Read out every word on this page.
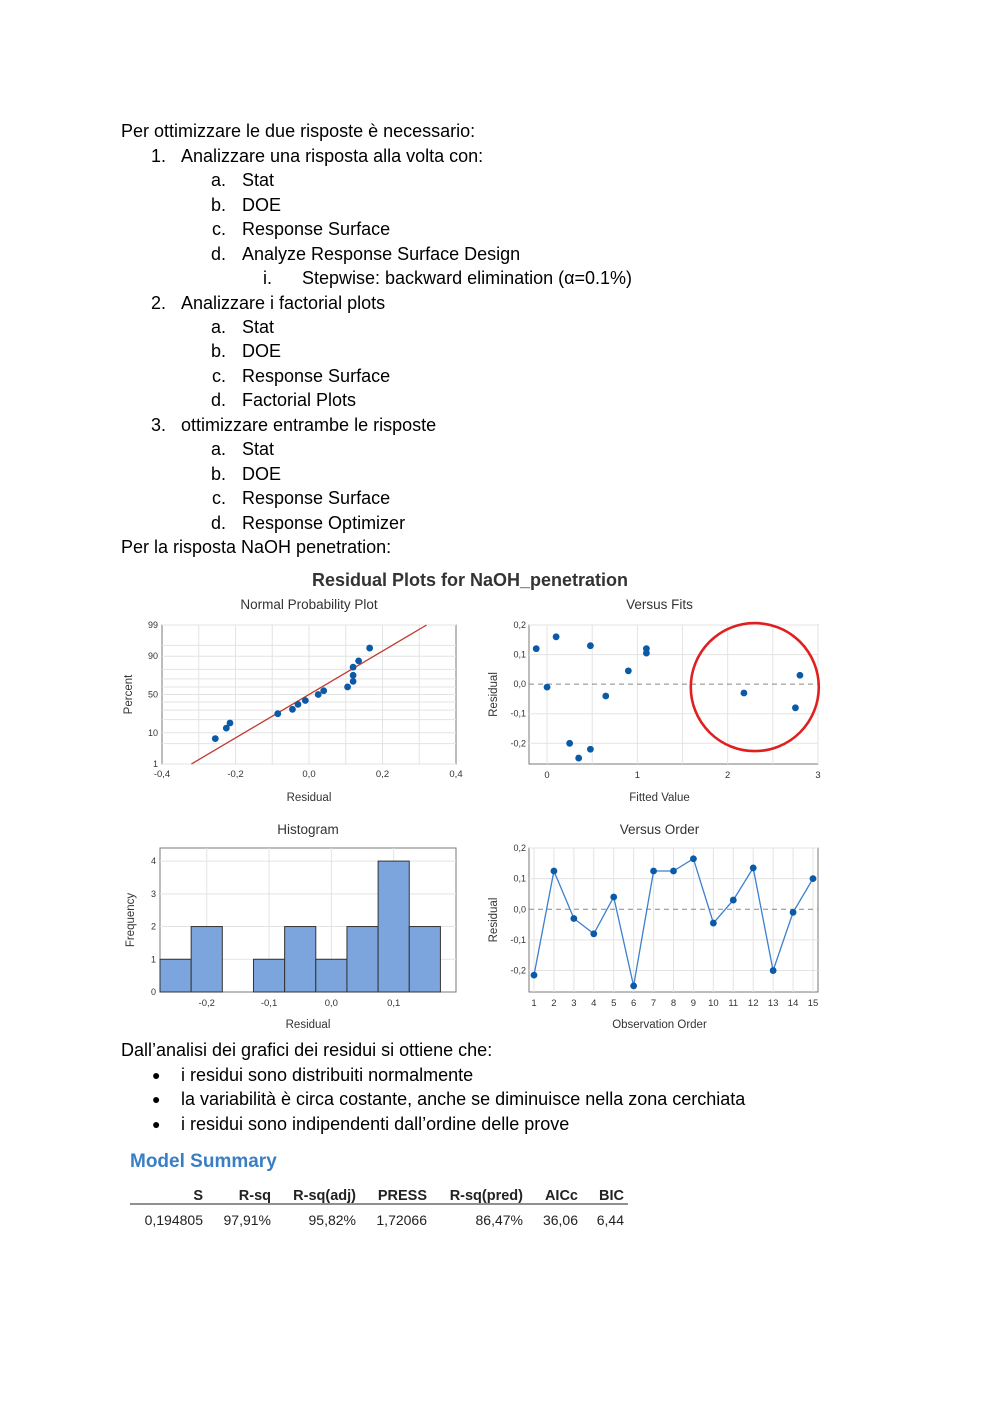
Per ottimizzare le due risposte è necessario:
1. Analizzare una risposta alla volta con:
a. Stat
b. DOE
c. Response Surface
d. Analyze Response Surface Design
i. Stepwise: backward elimination (α=0.1%)
2. Analizzare i factorial plots
a. Stat
b. DOE
c. Response Surface
d. Factorial Plots
3. ottimizzare entrambe le risposte
a. Stat
b. DOE
c. Response Surface
d. Response Optimizer
Per la risposta NaOH penetration:
Residual Plots for NaOH_penetration
-0,4	-0,2	0,0	0,2	0,4
1
10
50
90
99
Normal Probability Plot
Residual
Percent
0	1	2	3
-0,2
-0,1
0,0
0,1
0,2
Versus Fits
Fitted Value
Residual
-0,2	-0,1	0,0	0,1
0
1
2
3
4
Histogram
Residual
Frequency
1 2 3 4 5 6 7 8 9 10 11 12 13 14 15
-0,2
-0,1
0,0
0,1
0,2
Versus Order
Observation Order
Residual
Dall’analisi dei grafici dei residui si ottiene che:
● i residui sono distribuiti normalmente
● la variabilità è circa costante, anche se diminuisce nella zona cerchiata
● i residui sono indipendenti dall’ordine delle prove
Model Summary
S R-sq R-sq(adj) PRESS R-sq(pred) AICc BIC
0,194805 97,91%	95,82% 1,72066	86,47% 36,06 6,44
